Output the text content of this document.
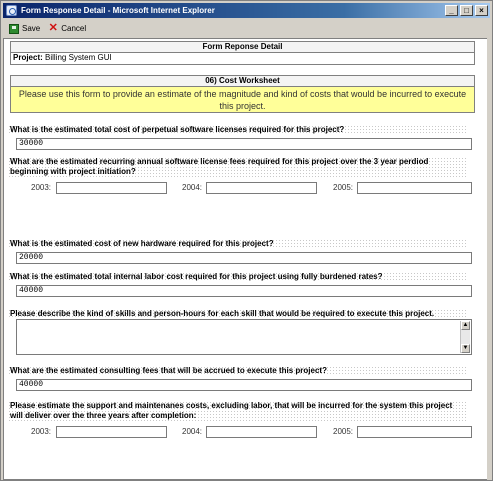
Form Response Detail - Microsoft Internet Explorer	_	□	×
Save ✕ Cancel
Form Reponse Detail
Project: Billing System GUI
06) Cost Worksheet
Please use this form to provide an estimate of the magnitude and kind of costs that would be incurred to execute this project.
What is the estimated total cost of perpetual software licenses required for this project?
30000
What are the estimated recurring annual software license fees required for this project over the 3 year perdiod beginning with project initiation?
2003:	2004:	2005:
What is the estimated cost of new hardware required for this project?
20000
What is the estimated total internal labor cost required for this project using fully burdened rates?
40000
Please describe the kind of skills and person-hours for each skill that would be required to execute this project.
▲
▼
What are the estimated consulting fees that will be accrued to execute this project?
40000
Please estimate the support and maintenanes costs, excluding labor, that will be incurred for the system this project will deliver over the three years after completion:
2003:	2004:	2005:
